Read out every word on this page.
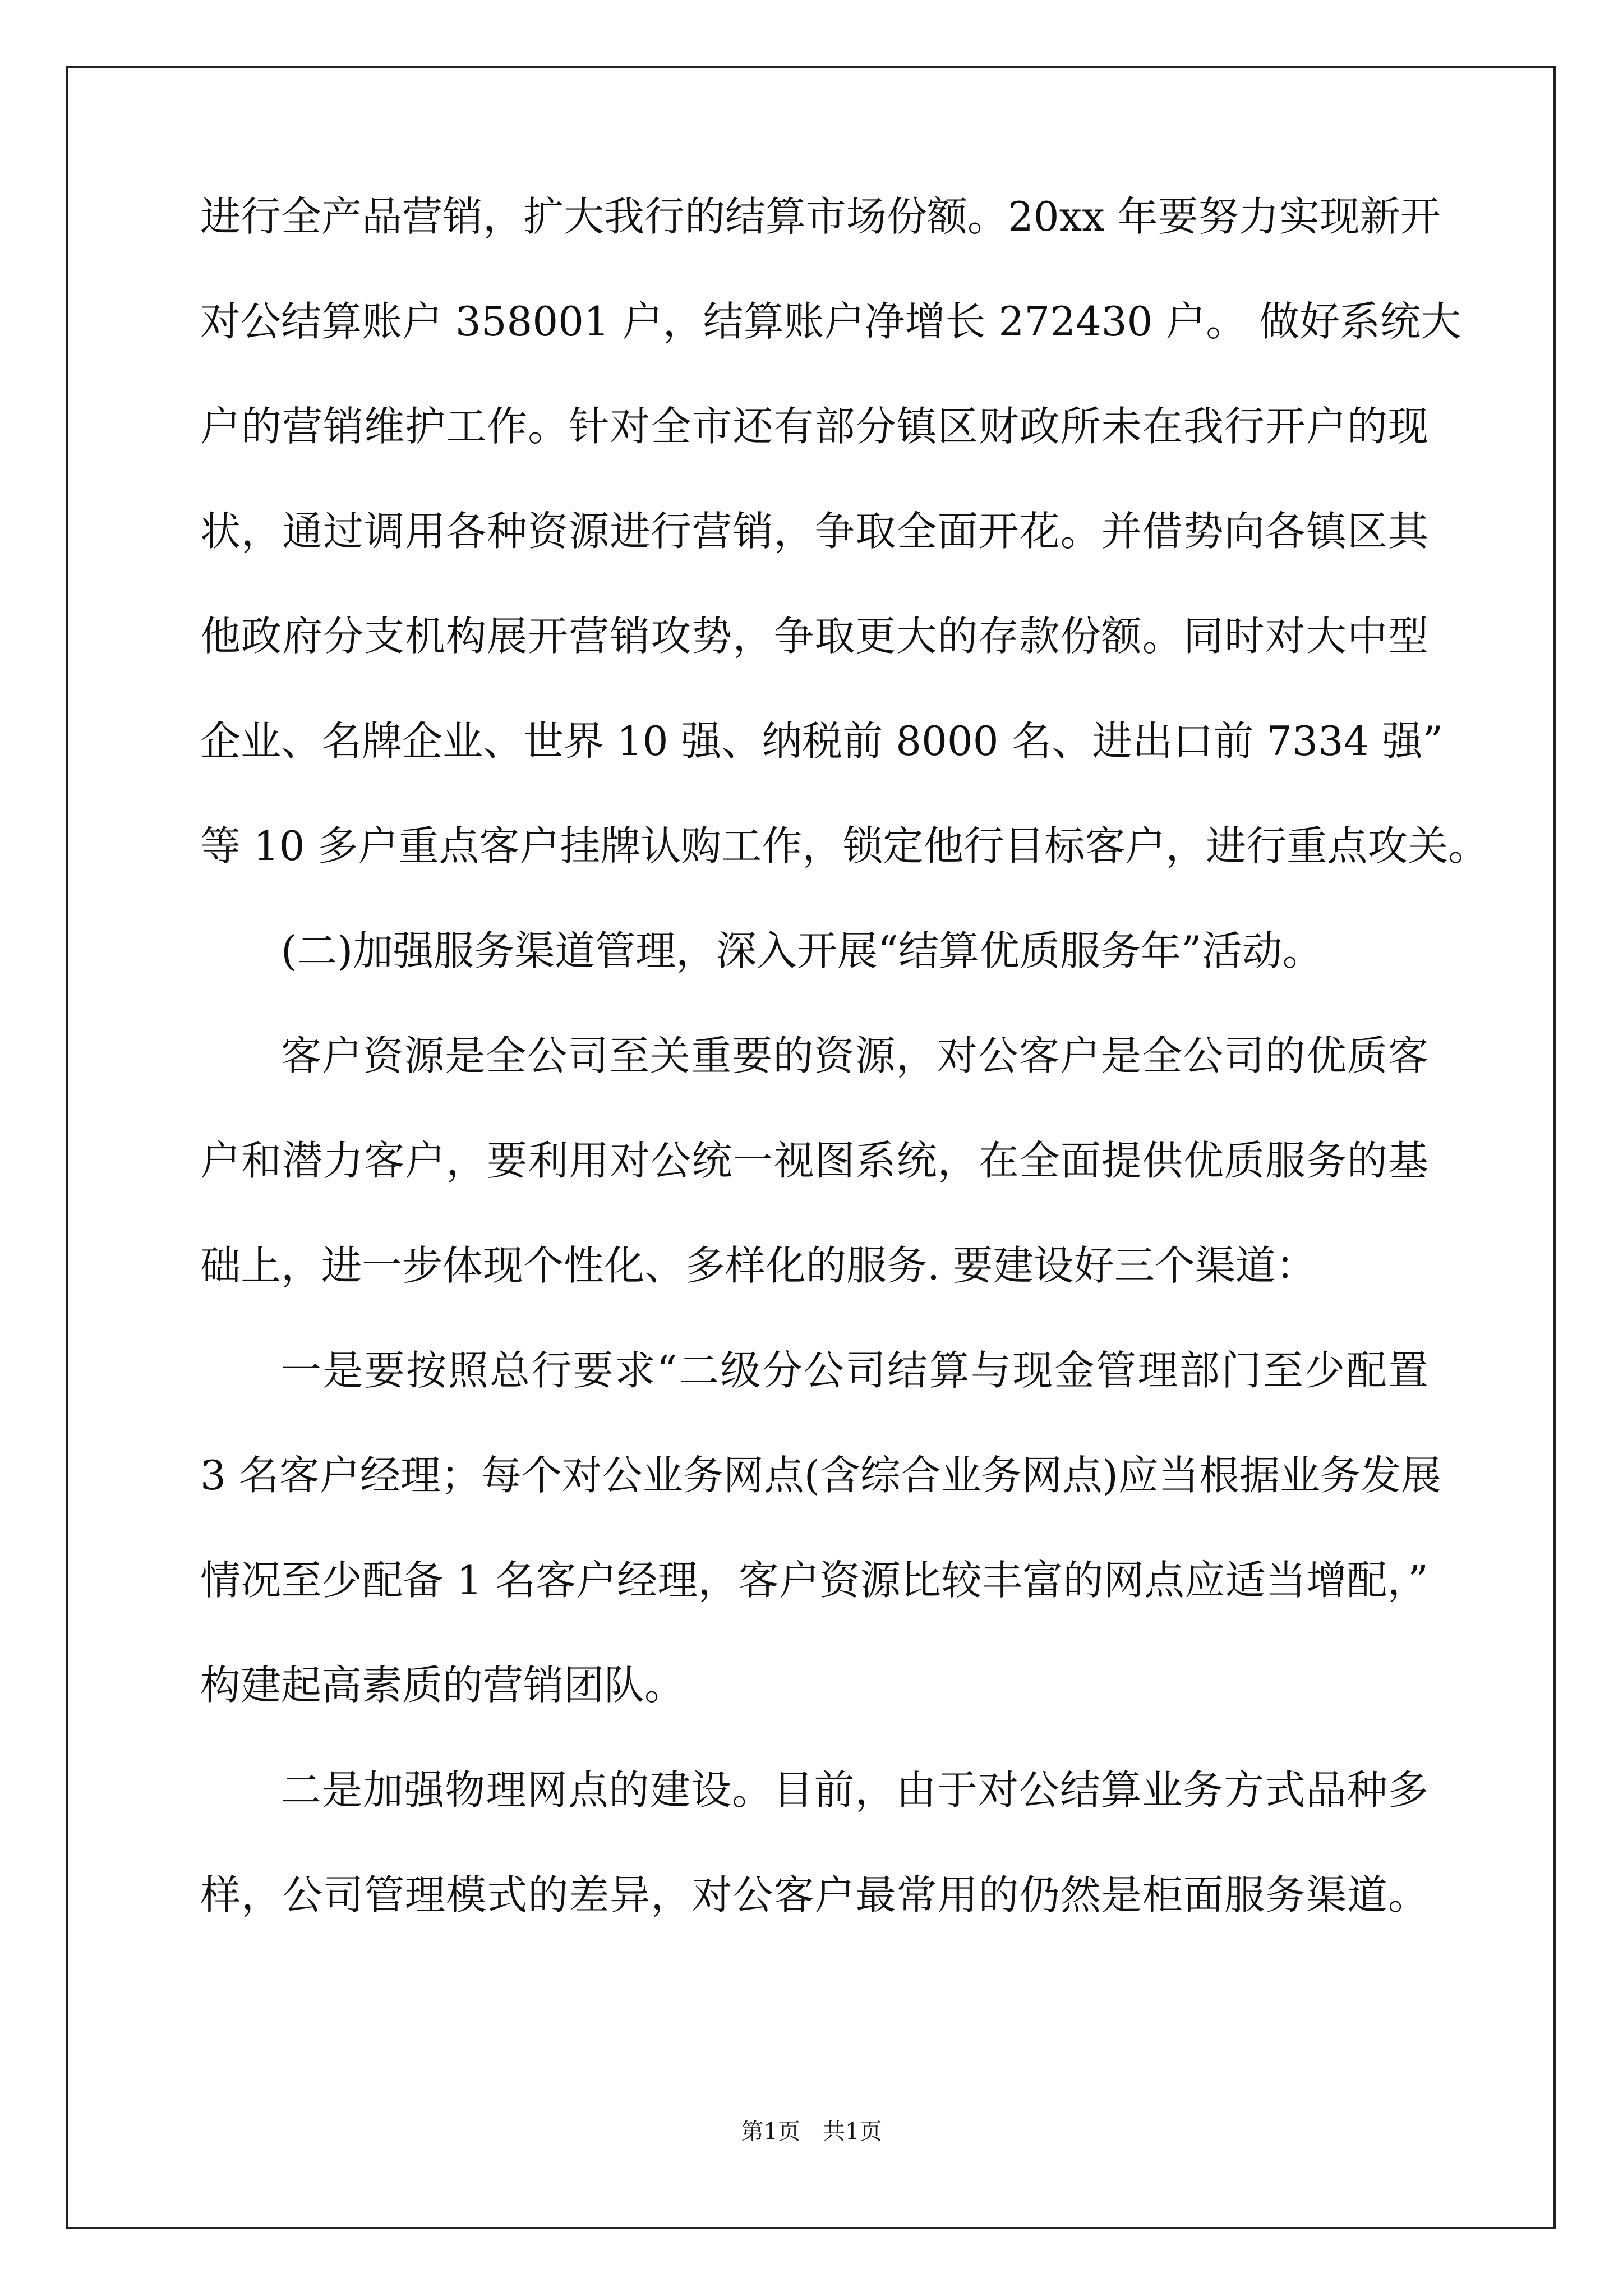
进行全产品营销，扩大我行的结算市场份额。20xx 年要努力实现新开
对公结算账户 358001 户，结算账户净增长 272430 户。 做好系统大
户的营销维护工作。针对全市还有部分镇区财政所未在我行开户的现
状，通过调用各种资源进行营销，争取全面开花。并借势向各镇区其
他政府分支机构展开营销攻势，争取更大的存款份额。同时对大中型
企业、名牌企业、世界 10 强、纳税前 8000 名、进出口前 7334 强”
等 10 多户重点客户挂牌认购工作，锁定他行目标客户，进行重点攻关。
(二)加强服务渠道管理，深入开展“结算优质服务年”活动。
客户资源是全公司至关重要的资源，对公客户是全公司的优质客
户和潜力客户，要利用对公统一视图系统，在全面提供优质服务的基
础上，进一步体现个性化、多样化的服务. 要建设好三个渠道：
一是要按照总行要求“二级分公司结算与现金管理部门至少配置
3 名客户经理；每个对公业务网点(含综合业务网点)应当根据业务发展
情况至少配备 1 名客户经理，客户资源比较丰富的网点应适当增配，”
构建起高素质的营销团队。
二是加强物理网点的建设。目前，由于对公结算业务方式品种多
样，公司管理模式的差异，对公客户最常用的仍然是柜面服务渠道。
第1页　共1页
